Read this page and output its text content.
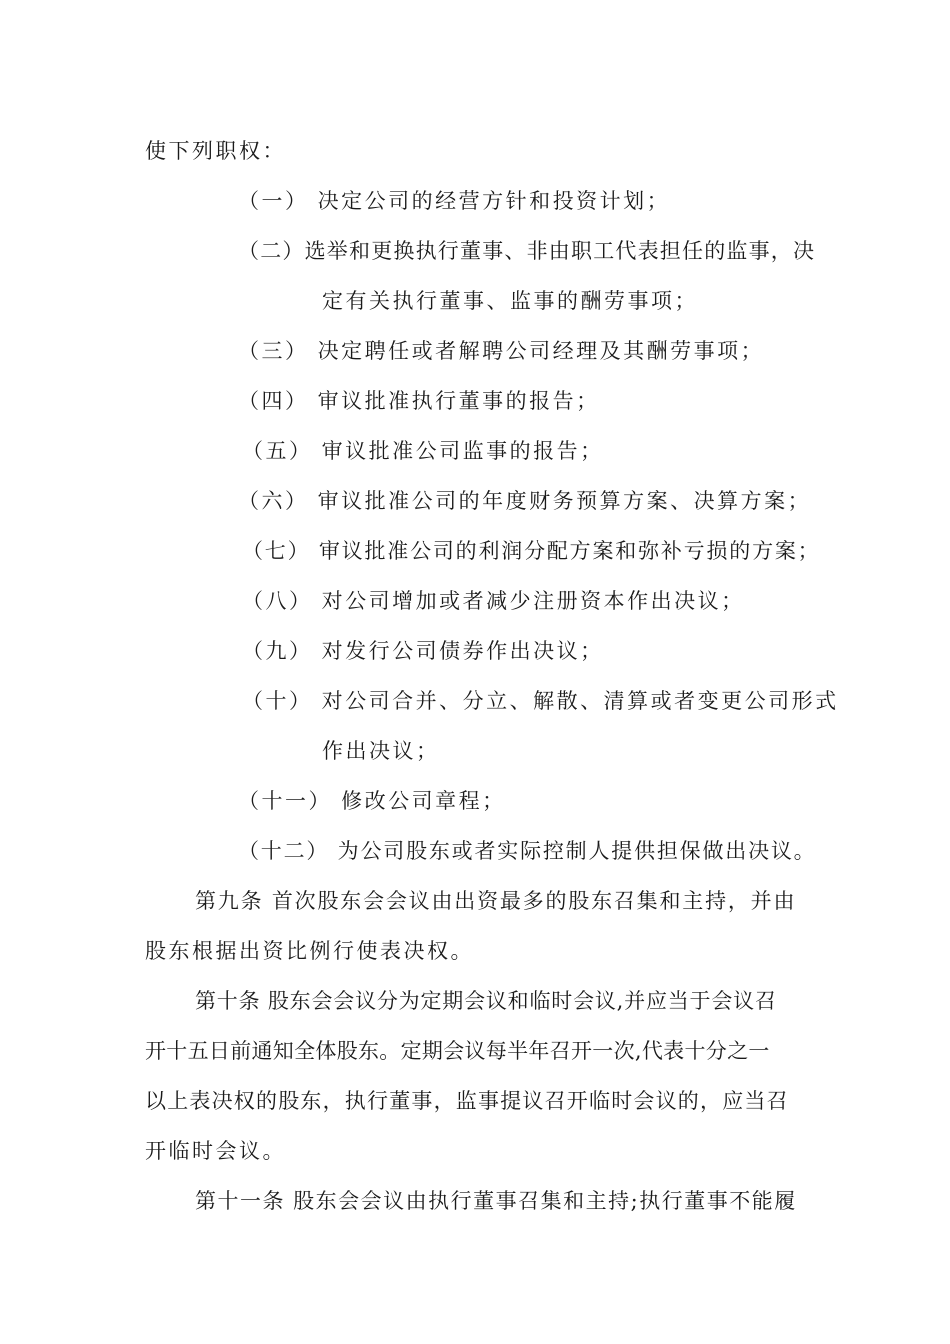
使下列职权：
（一） 决定公司的经营方针和投资计划；
（二）选举和更换执行董事、非由职工代表担任的监事，决
定有关执行董事、监事的酬劳事项；
（三） 决定聘任或者解聘公司经理及其酬劳事项；
（四） 审议批准执行董事的报告；
（五） 审议批准公司监事的报告；
（六） 审议批准公司的年度财务预算方案、决算方案；
（七） 审议批准公司的利润分配方案和弥补亏损的方案；
（八） 对公司增加或者减少注册资本作出决议；
（九） 对发行公司债券作出决议；
（十） 对公司合并、分立、解散、清算或者变更公司形式
作出决议；
（十一） 修改公司章程；
（十二） 为公司股东或者实际控制人提供担保做出决议。
第九条 首次股东会会议由出资最多的股东召集和主持，并由
股东根据出资比例行使表决权。
第十条 股东会会议分为定期会议和临时会议,并应当于会议召
开十五日前通知全体股东。定期会议每半年召开一次,代表十分之一
以上表决权的股东，执行董事，监事提议召开临时会议的，应当召
开临时会议。
第十一条 股东会会议由执行董事召集和主持;执行董事不能履
